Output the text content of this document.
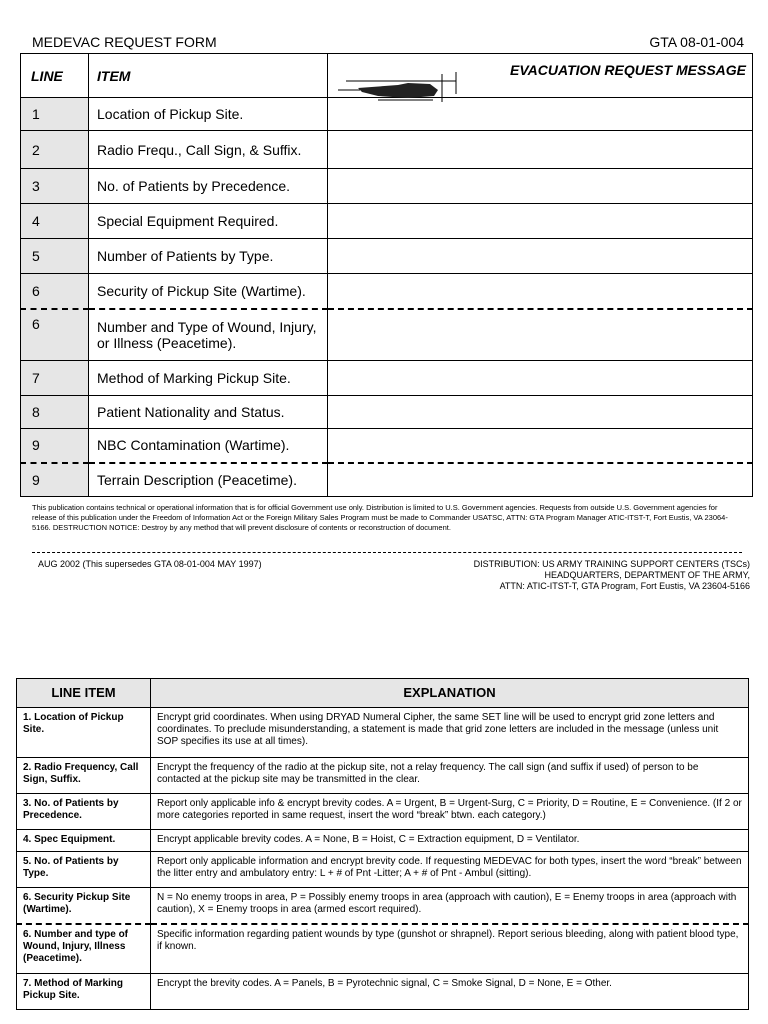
MEDEVAC REQUEST FORM	GTA 08-01-004
LINE	ITEM	EVACUATION REQUEST MESSAGE

1	Location of Pickup Site.	
2	Radio Frequ., Call Sign, & Suffix.	
3	No. of Patients by Precedence.	
4	Special Equipment Required.	
5	Number of Patients by Type.	
6	Security of Pickup Site (Wartime).	
6	Number and Type of Wound, Injury, or Illness (Peacetime).	
7	Method of Marking Pickup Site.	
8	Patient Nationality and Status.	
9	NBC Contamination (Wartime).	
9	Terrain Description (Peacetime).	
This publication contains technical or operational information that is for official Government use only. Distribution is limited to U.S. Government agencies. Requests from outside U.S. Government agencies for release of this publication under the Freedom of Information Act or the Foreign Military Sales Program must be made to Commander USATSC, ATTN: GTA Program Manager ATIC-ITST-T, Fort Eustis, VA 23064-5166. DESTRUCTION NOTICE: Destroy by any method that will prevent disclosure of contents or reconstruction of document.
AUG 2002 (This supersedes GTA 08-01-004 MAY 1997)	DISTRIBUTION: US ARMY TRAINING SUPPORT CENTERS (TSCs)
HEADQUARTERS, DEPARTMENT OF THE ARMY,
ATTN: ATIC-ITST-T, GTA Program, Fort Eustis, VA 23604-5166
LINE ITEM	EXPLANATION
1. Location of Pickup Site.	Encrypt grid coordinates. When using DRYAD Numeral Cipher, the same SET line will be used to encrypt grid zone letters and coordinates. To preclude misunderstanding, a statement is made that grid zone letters are included in the message (unless unit SOP specifies its use at all times).
2. Radio Frequency, Call Sign, Suffix.	Encrypt the frequency of the radio at the pickup site, not a relay frequency. The call sign (and suffix if used) of person to be contacted at the pickup site may be transmitted in the clear.
3. No. of Patients by Precedence.	Report only applicable info & encrypt brevity codes. A = Urgent, B = Urgent-Surg, C = Priority, D = Routine, E = Convenience. (If 2 or more categories reported in same request, insert the word “break” btwn. each category.)
4. Spec Equipment.	Encrypt applicable brevity codes. A = None, B = Hoist, C = Extraction equipment, D = Ventilator.
5. No. of Patients by Type.	Report only applicable information and encrypt brevity code. If requesting MEDEVAC for both types, insert the word “break” between the litter entry and ambulatory entry: L + # of Pnt -Litter; A + # of Pnt - Ambul (sitting).
6. Security Pickup Site (Wartime).	N = No enemy troops in area, P = Possibly enemy troops in area (approach with caution), E = Enemy troops in area (approach with caution), X = Enemy troops in area (armed escort required).
6. Number and type of Wound, Injury, Illness (Peacetime).	Specific information regarding patient wounds by type (gunshot or shrapnel). Report serious bleeding, along with patient blood type, if known.
7. Method of Marking Pickup Site.	Encrypt the brevity codes. A = Panels, B = Pyrotechnic signal, C = Smoke Signal, D = None, E = Other.
